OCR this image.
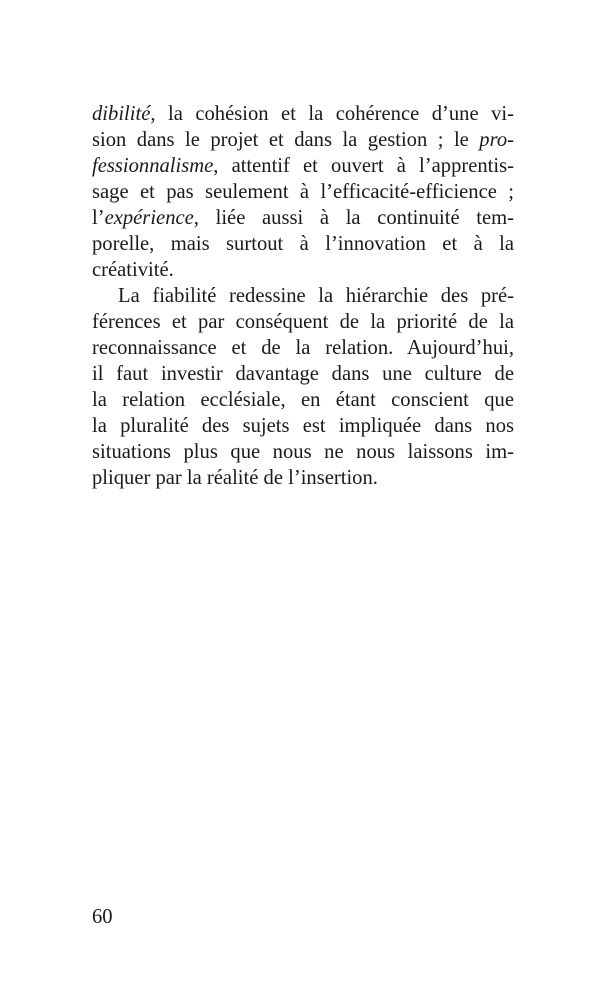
dibilité, la cohésion et la cohérence d’une vi-
sion dans le projet et dans la gestion ; le pro-
fessionnalisme, attentif et ouvert à l’apprentis-
sage et pas seulement à l’efficacité-efficience ;
l’expérience, liée aussi à la continuité tem-
porelle, mais surtout à l’innovation et à la
créativité.
La fiabilité redessine la hiérarchie des pré-
férences et par conséquent de la priorité de la
reconnaissance et de la relation. Aujourd’hui,
il faut investir davantage dans une culture de
la relation ecclésiale, en étant conscient que
la pluralité des sujets est impliquée dans nos
situations plus que nous ne nous laissons im-
pliquer par la réalité de l’insertion.
60
